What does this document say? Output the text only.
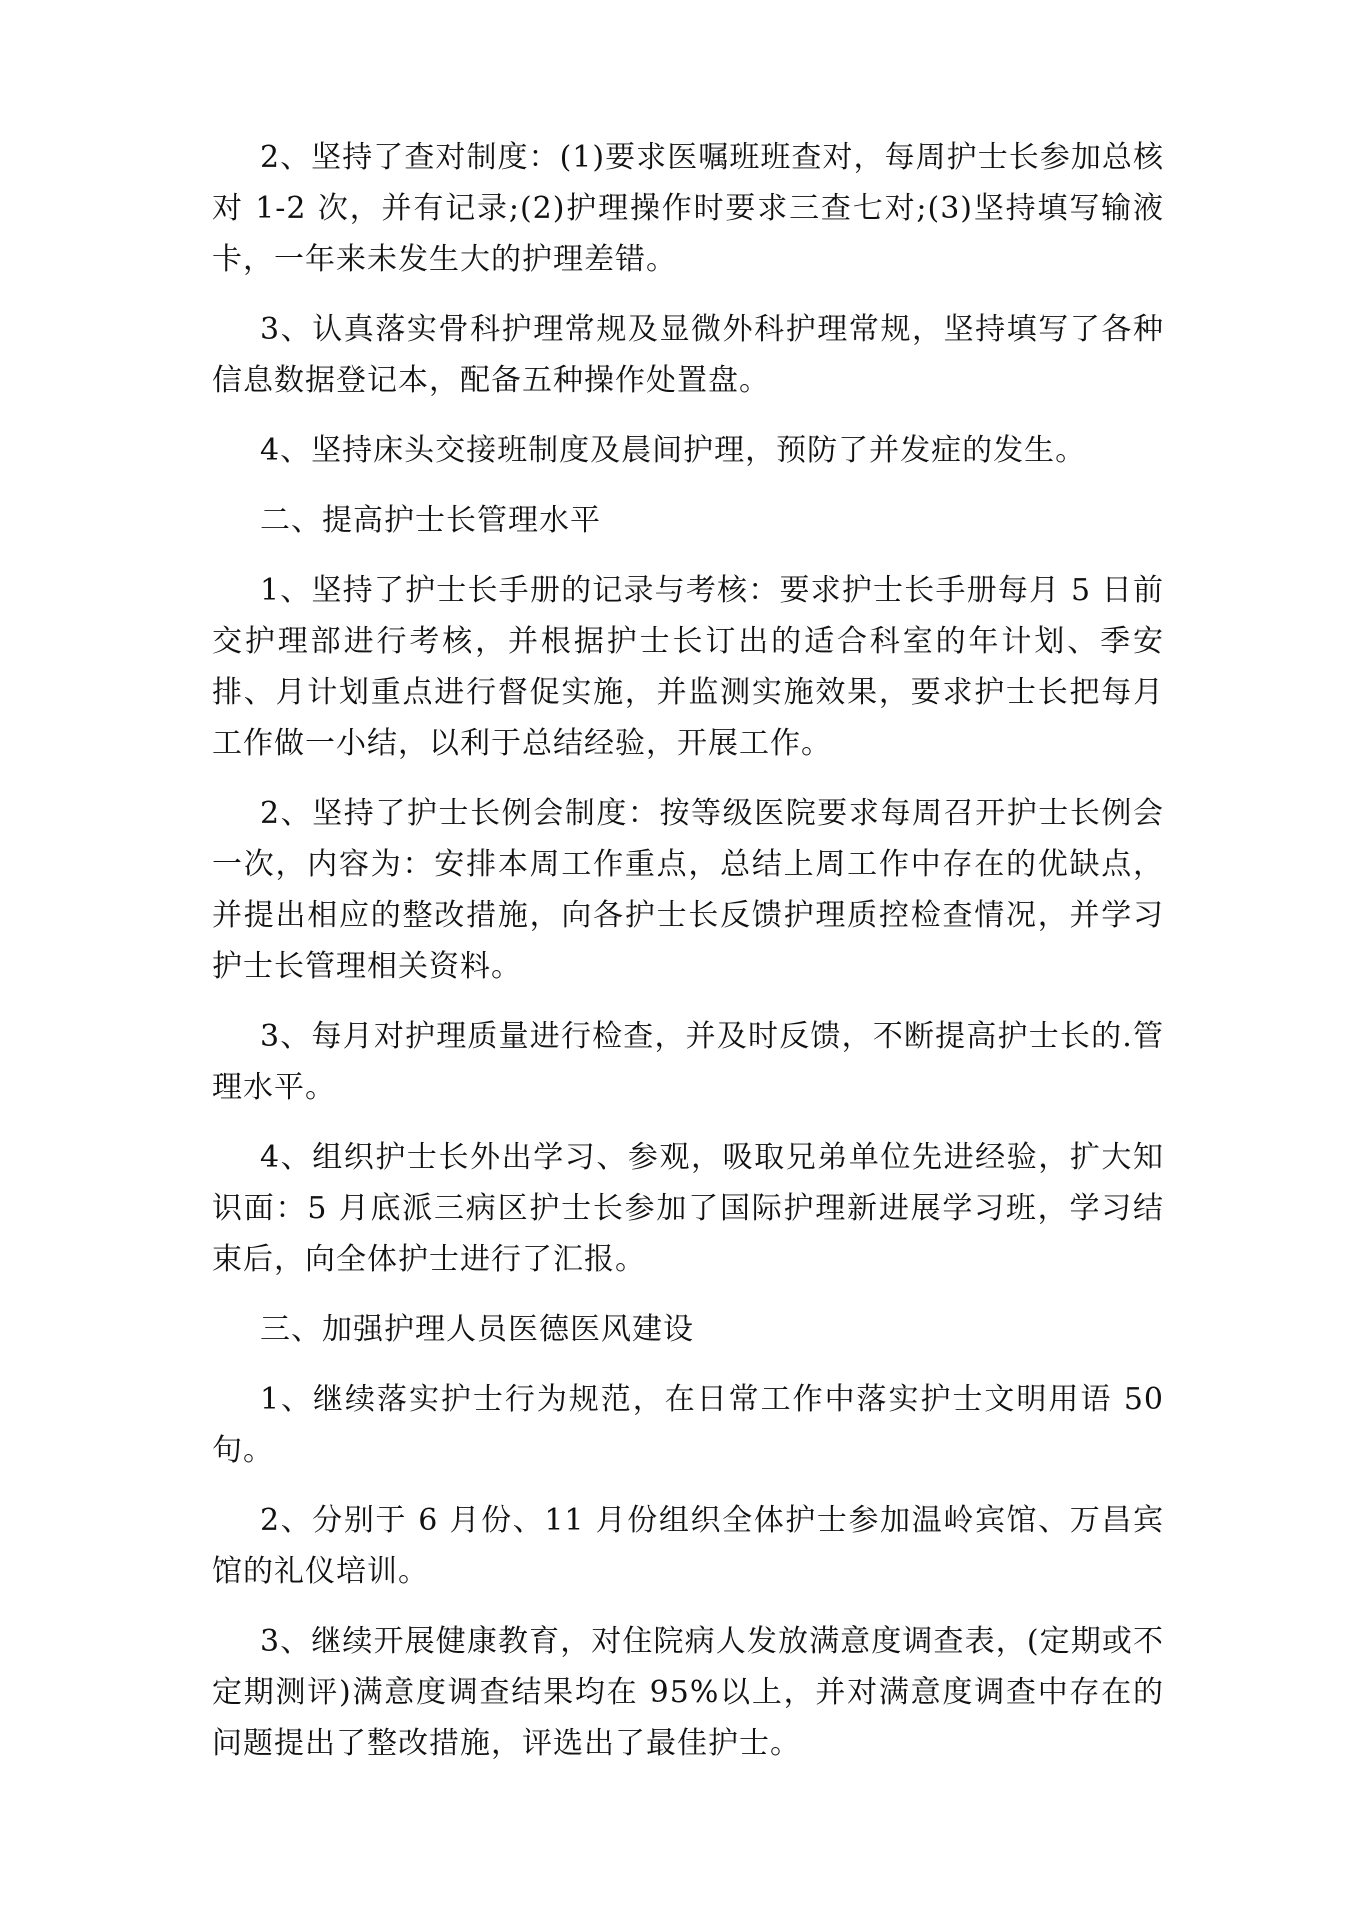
2、坚持了查对制度：(1)要求医嘱班班查对，每周护士长参加总核对 1-2 次，并有记录;(2)护理操作时要求三查七对;(3)坚持填写输液卡，一年来未发生大的护理差错。

3、认真落实骨科护理常规及显微外科护理常规，坚持填写了各种信息数据登记本，配备五种操作处置盘。

4、坚持床头交接班制度及晨间护理，预防了并发症的发生。

二、提高护士长管理水平

1、坚持了护士长手册的记录与考核：要求护士长手册每月 5 日前交护理部进行考核，并根据护士长订出的适合科室的年计划、季安排、月计划重点进行督促实施，并监测实施效果，要求护士长把每月工作做一小结，以利于总结经验，开展工作。

2、坚持了护士长例会制度：按等级医院要求每周召开护士长例会一次，内容为：安排本周工作重点，总结上周工作中存在的优缺点，并提出相应的整改措施，向各护士长反馈护理质控检查情况，并学习护士长管理相关资料。

3、每月对护理质量进行检查，并及时反馈，不断提高护士长的.管理水平。

4、组织护士长外出学习、参观，吸取兄弟单位先进经验，扩大知识面：5 月底派三病区护士长参加了国际护理新进展学习班，学习结束后，向全体护士进行了汇报。

三、加强护理人员医德医风建设

1、继续落实护士行为规范，在日常工作中落实护士文明用语 50句。

2、分别于 6 月份、11 月份组织全体护士参加温岭宾馆、万昌宾馆的礼仪培训。

3、继续开展健康教育，对住院病人发放满意度调查表，(定期或不定期测评)满意度调查结果均在 95%以上，并对满意度调查中存在的问题提出了整改措施，评选出了最佳护士。
